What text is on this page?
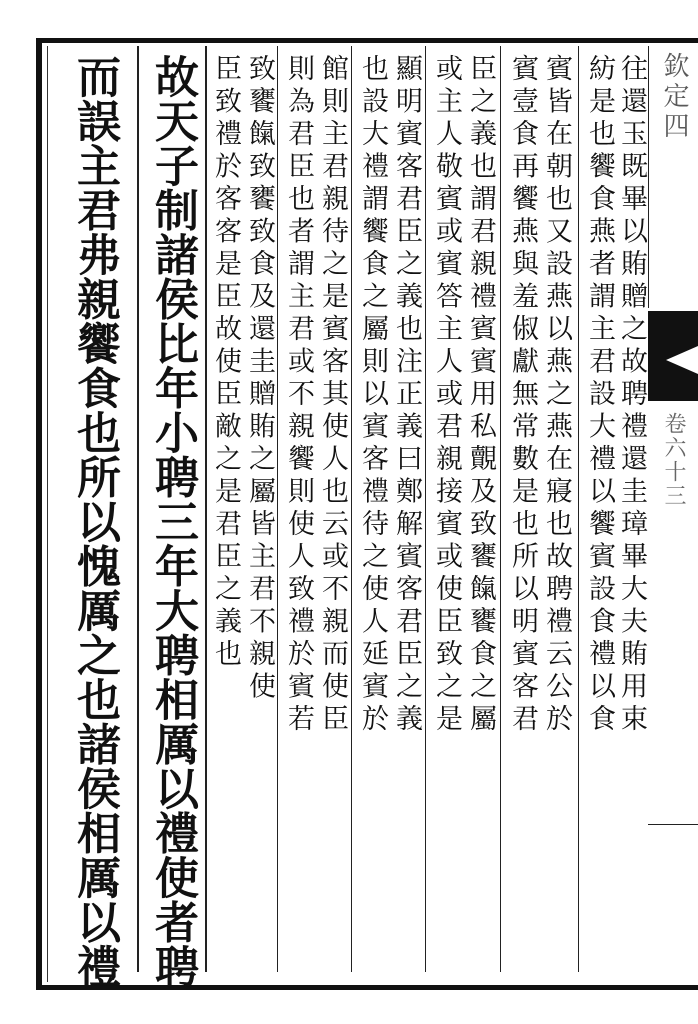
而誤主君弗親饗食也所以愧厲之也諸侯相厲以禮 故天子制諸侯比年小聘三年大聘相厲以禮使者聘 臣致禮於客客是臣故使臣敵之是君臣之義也 致饔餼致饔致食及還圭贈賄之屬皆主君不親使 則為君臣也者謂主君或不親饗則使人致禮於賓若 館則主君親待之是賓客其使人也云或不親而使臣 也設大禮謂饗食之屬則以賓客禮待之使人延賓於 顯明賓客君臣之義也注正義曰鄭解賓客君臣之義 或主人敬賓或賓答主人或君親接賓或使臣致之是 臣之義也謂君親禮賓賓用私覿及致饔餼饔食之屬 賓壹食再饗燕與羞俶獻無常數是也所以明賓客君 賓皆在朝也又設燕以燕之燕在寢也故聘禮云公於 紡是也饗食燕者謂主君設大禮以饗賓設食禮以食 往還玉既畢以賄贈之故聘禮還圭璋畢大夫賄用束 欽定四
卷六十三
